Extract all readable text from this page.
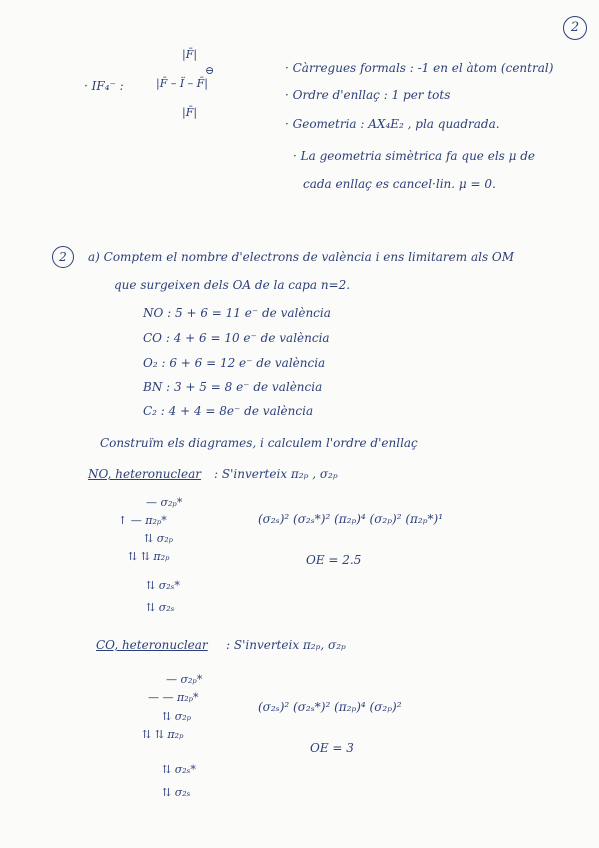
2
· IF₄⁻ :
|F̄|
|F̄ – Ï – F̄|
⊖
|F̄|
· Càrregues formals : -1 en el àtom (central)
· Ordre d'enllaç : 1 per tots
· Geometria : AX₄E₂ , pla quadrada.
· La geometria simètrica fa que els μ de
cada enllaç es cancel·lin. μ = 0.
2	a) Comptem el nombre d'electrons de valència i ens limitarem als OM
que surgeixen dels OA de la capa n=2.
NO : 5 + 6 = 11 e⁻ de valència
CO : 4 + 6 = 10 e⁻ de valència
O₂ : 6 + 6 = 12 e⁻ de valència
BN : 3 + 5 = 8 e⁻ de valència
C₂ : 4 + 4 = 8e⁻ de valència
Construïm els diagrames, i calculem l'ordre d'enllaç
NO, heteronuclear : S'inverteix π₂ₚ , σ₂ₚ
— σ₂ₚ*
↑ — π₂ₚ*
⇅ σ₂ₚ
⇅ ⇅ π₂ₚ
⇅ σ₂ₛ*
⇅ σ₂ₛ
(σ₂ₛ)² (σ₂ₛ*)² (π₂ₚ)⁴ (σ₂ₚ)² (π₂ₚ*)¹
OE = 2.5
CO, heteronuclear : S'inverteix π₂ₚ, σ₂ₚ
— σ₂ₚ*
— — π₂ₚ*
⇅ σ₂ₚ
⇅ ⇅ π₂ₚ
⇅ σ₂ₛ*
⇅ σ₂ₛ
(σ₂ₛ)² (σ₂ₛ*)² (π₂ₚ)⁴ (σ₂ₚ)²
OE = 3
